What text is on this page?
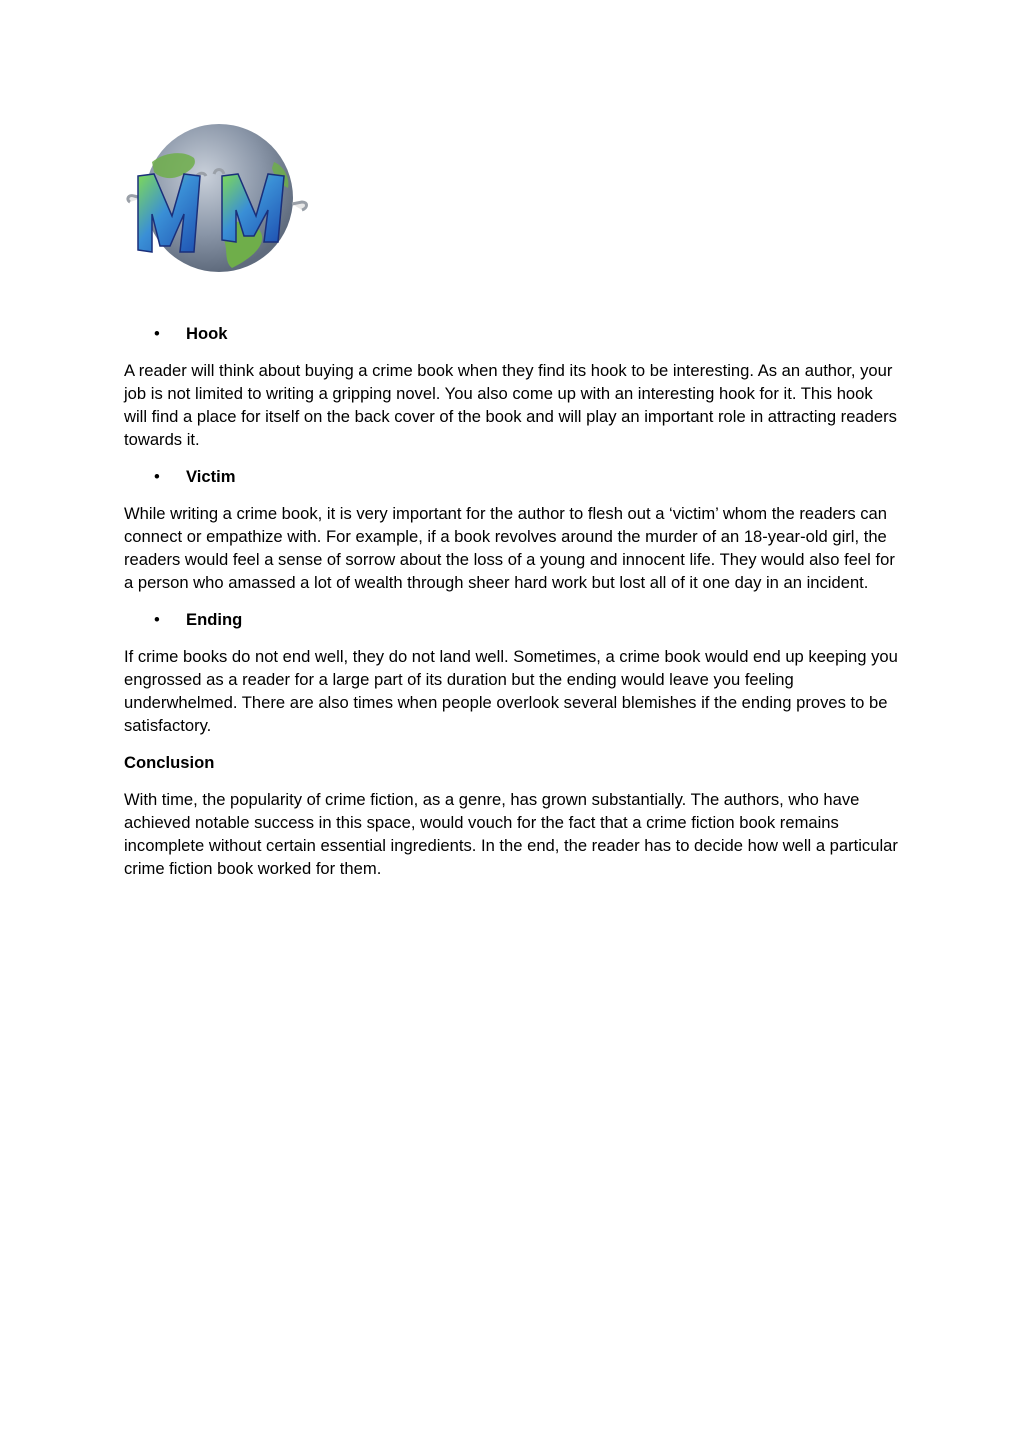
• Hook

A reader will think about buying a crime book when they find its hook to be interesting. As an author, your job is not limited to writing a gripping novel. You also come up with an interesting hook for it. This hook will find a place for itself on the back cover of the book and will play an important role in attracting readers towards it.

• Victim

While writing a crime book, it is very important for the author to flesh out a ‘victim’ whom the readers can connect or empathize with. For example, if a book revolves around the murder of an 18-year-old girl, the readers would feel a sense of sorrow about the loss of a young and innocent life. They would also feel for a person who amassed a lot of wealth through sheer hard work but lost all of it one day in an incident.

• Ending

If crime books do not end well, they do not land well. Sometimes, a crime book would end up keeping you engrossed as a reader for a large part of its duration but the ending would leave you feeling underwhelmed. There are also times when people overlook several blemishes if the ending proves to be satisfactory.

Conclusion

With time, the popularity of crime fiction, as a genre, has grown substantially. The authors, who have achieved notable success in this space, would vouch for the fact that a crime fiction book remains incomplete without certain essential ingredients. In the end, the reader has to decide how well a particular crime fiction book worked for them.
